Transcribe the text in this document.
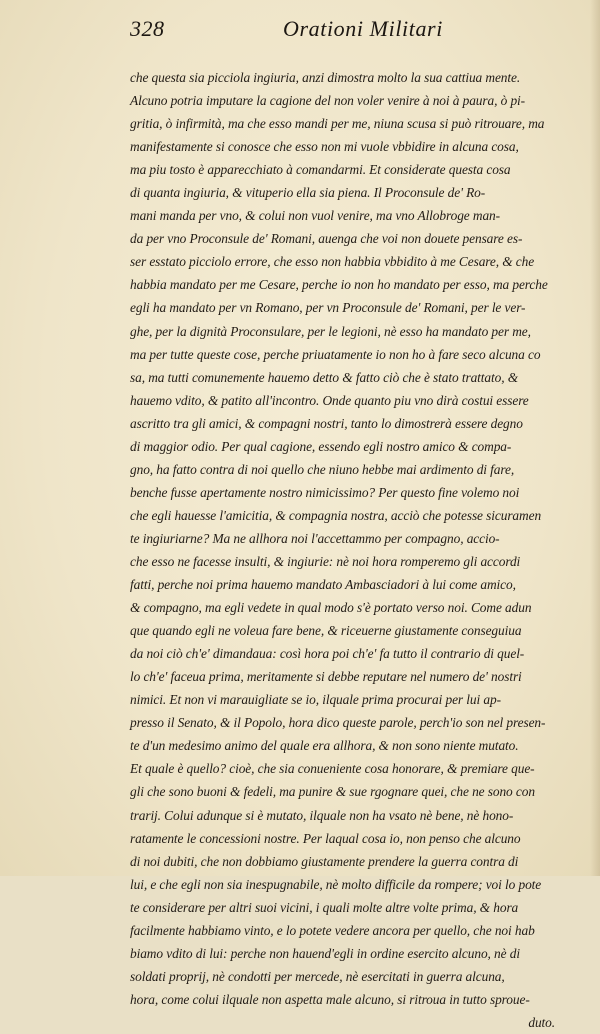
328	Orationi Militari
che questa sia picciola ingiuria, anzi dimostra molto la sua cattiua mente.
Alcuno potria imputare la cagione del non voler venire à noi à paura, ò pi-
gritia, ò infirmità, ma che esso mandi per me, niuna scusa si può ritrouare, ma
manifestamente si conosce che esso non mi vuole vbbidire in alcuna cosa,
ma piu tosto è apparecchiato à comandarmi. Et considerate questa cosa
di quanta ingiuria, & vituperio ella sia piena. Il Proconsule de' Ro-
mani manda per vno, & colui non vuol venire, ma vno Allobroge man-
da per vno Proconsule de' Romani, auenga che voi non douete pensare es-
ser esstato picciolo errore, che esso non habbia vbbidito à me Cesare, & che
habbia mandato per me Cesare, perche io non ho mandato per esso, ma perche
egli ha mandato per vn Romano, per vn Proconsule de' Romani, per le ver-
ghe, per la dignità Proconsulare, per le legioni, nè esso ha mandato per me,
ma per tutte queste cose, perche priuatamente io non ho à fare seco alcuna co
sa, ma tutti comunemente hauemo detto & fatto ciò che è stato trattato, &
hauemo vdito, & patito all'incontro. Onde quanto piu vno dirà costui essere
ascritto tra gli amici, & compagni nostri, tanto lo dimostrerà essere degno
di maggior odio. Per qual cagione, essendo egli nostro amico & compa-
gno, ha fatto contra di noi quello che niuno hebbe mai ardimento di fare,
benche fusse apertamente nostro nimicissimo? Per questo fine volemo noi
che egli hauesse l'amicitia, & compagnia nostra, acciò che potesse sicuramen
te ingiuriarne? Ma ne allhora noi l'accettammo per compagno, accio-
che esso ne facesse insulti, & ingiurie: nè noi hora romperemo gli accordi
fatti, perche noi prima hauemo mandato Ambasciadori à lui come amico,
& compagno, ma egli vedete in qual modo s'è portato verso noi. Come adun
que quando egli ne voleua fare bene, & riceuerne giustamente conseguiua
da noi ciò ch'e' dimandaua: così hora poi ch'e' fa tutto il contrario di quel-
lo ch'e' faceua prima, meritamente si debbe reputare nel numero de' nostri
nimici. Et non vi marauigliate se io, ilquale prima procurai per lui ap-
presso il Senato, & il Popolo, hora dico queste parole, perch'io son nel presen-
te d'un medesimo animo del quale era allhora, & non sono niente mutato.
Et quale è quello? cioè, che sia conueniente cosa honorare, & premiare que-
gli che sono buoni & fedeli, ma punire & sue rgognare quei, che ne sono con
trarij. Colui adunque si è mutato, ilquale non ha vsato nè bene, nè hono-
ratamente le concessioni nostre. Per laqual cosa io, non penso che alcuno
di noi dubiti, che non dobbiamo giustamente prendere la guerra contra di
lui, e che egli non sia inespugnabile, nè molto difficile da rompere; voi lo pote
te considerare per altri suoi vicini, i quali molte altre volte prima, & hora
facilmente habbiamo vinto, e lo potete vedere ancora per quello, che noi hab
biamo vdito di lui: perche non hauend'egli in ordine esercito alcuno, nè di
soldati proprij, nè condotti per mercede, nè esercitati in guerra alcuna,
hora, come colui ilquale non aspetta male alcuno, si ritroua in tutto sproue-
duto.
